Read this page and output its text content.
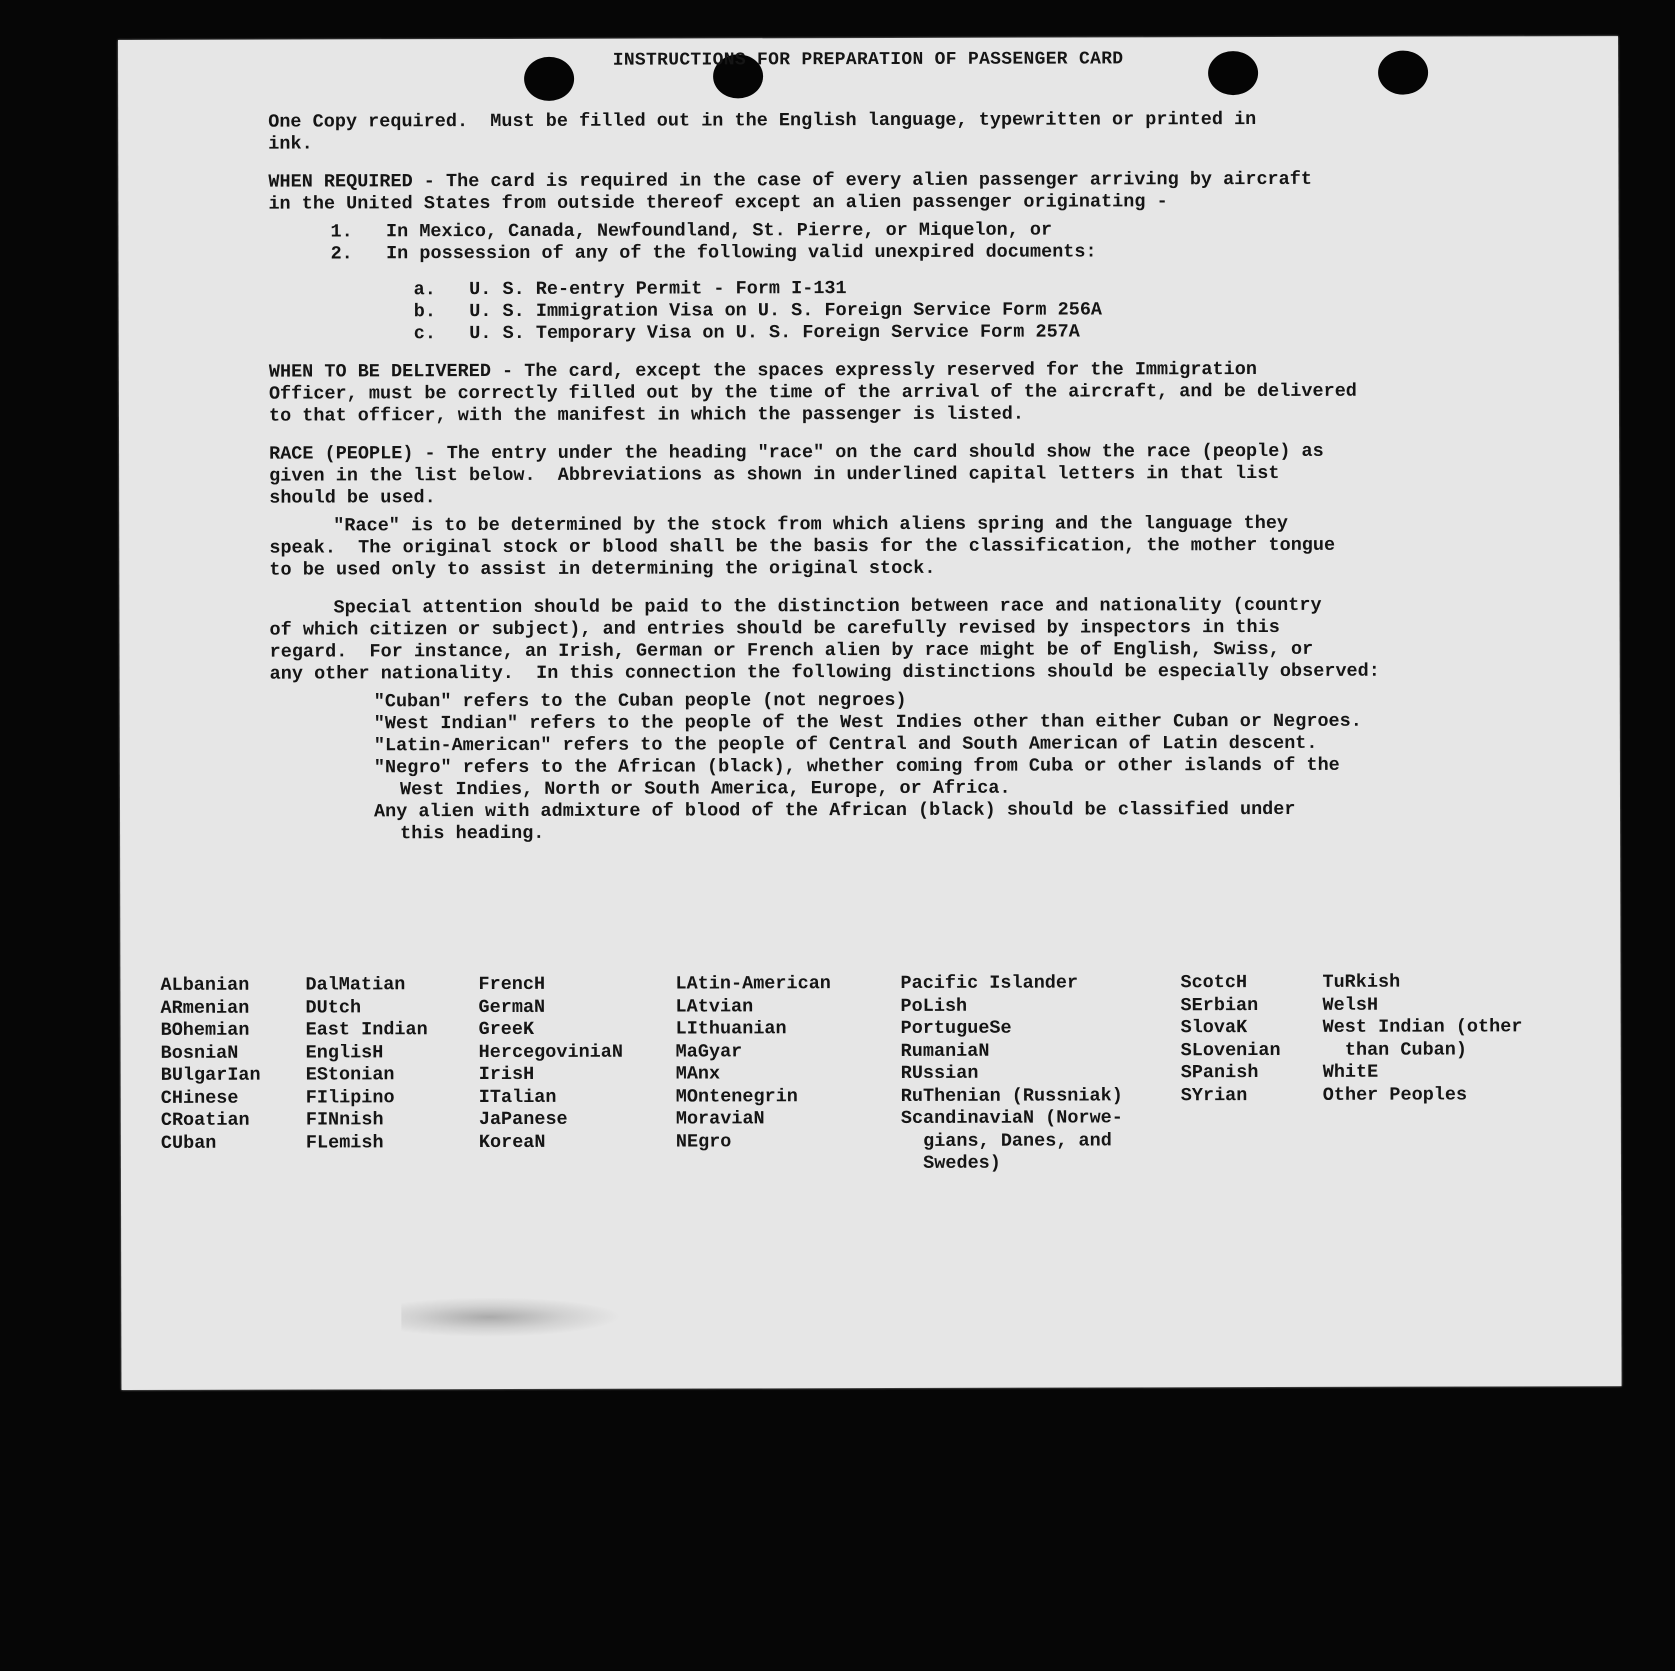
INSTRUCTIONS FOR PREPARATION OF PASSENGER CARD

One Copy required.  Must be filled out in the English language, typewritten or printed in
ink.

WHEN REQUIRED - The card is required in the case of every alien passenger arriving by aircraft
in the United States from outside thereof except an alien passenger originating -

1.   In Mexico, Canada, Newfoundland, St. Pierre, or Miquelon, or
2.   In possession of any of the following valid unexpired documents:
a.   U. S. Re-entry Permit - Form I-131
b.   U. S. Immigration Visa on U. S. Foreign Service Form 256A
c.   U. S. Temporary Visa on U. S. Foreign Service Form 257A

WHEN TO BE DELIVERED - The card, except the spaces expressly reserved for the Immigration
Officer, must be correctly filled out by the time of the arrival of the aircraft, and be delivered
to that officer, with the manifest in which the passenger is listed.

RACE (PEOPLE) - The entry under the heading "race" on the card should show the race (people) as
given in the list below.  Abbreviations as shown in underlined capital letters in that list
should be used.

"Race" is to be determined by the stock from which aliens spring and the language they
speak.  The original stock or blood shall be the basis for the classification, the mother tongue
to be used only to assist in determining the original stock.

Special attention should be paid to the distinction between race and nationality (country
of which citizen or subject), and entries should be carefully revised by inspectors in this
regard.  For instance, an Irish, German or French alien by race might be of English, Swiss, or
any other nationality.  In this connection the following distinctions should be especially observed:

"Cuban" refers to the Cuban people (not negroes)
"West Indian" refers to the people of the West Indies other than either Cuban or Negroes.
"Latin-American" refers to the people of Central and South American of Latin descent.
"Negro" refers to the African (black), whether coming from Cuba or other islands of the
West Indies, North or South America, Europe, or Africa.
Any alien with admixture of blood of the African (black) should be classified under
this heading.
ALbanian
ARmenian
BOhemian
BosniaN
BUlgarIan
CHinese
CRoatian
CUban
DalMatian
DUtch
East Indian
EnglisH
EStonian
FIlipino
FINnish
FLemish
FrencH
GermaN
GreeK
HercegoviniaN
IrisH
ITalian
JaPanese
KoreaN
LAtin-American
LAtvian
LIthuanian
MaGyar
MAnx
MOntenegrin
MoraviaN
NEgro
Pacific Islander
PoLish
PortugueSe
RumaniaN
RUssian
RuThenian (Russniak)
ScandinaviaN (Norwe-
gians, Danes, and
Swedes)
ScotcH
SErbian
SlovaK
SLovenian
SPanish
SYrian
TuRkish
WelsH
West Indian (other
than Cuban)
WhitE
Other Peoples
